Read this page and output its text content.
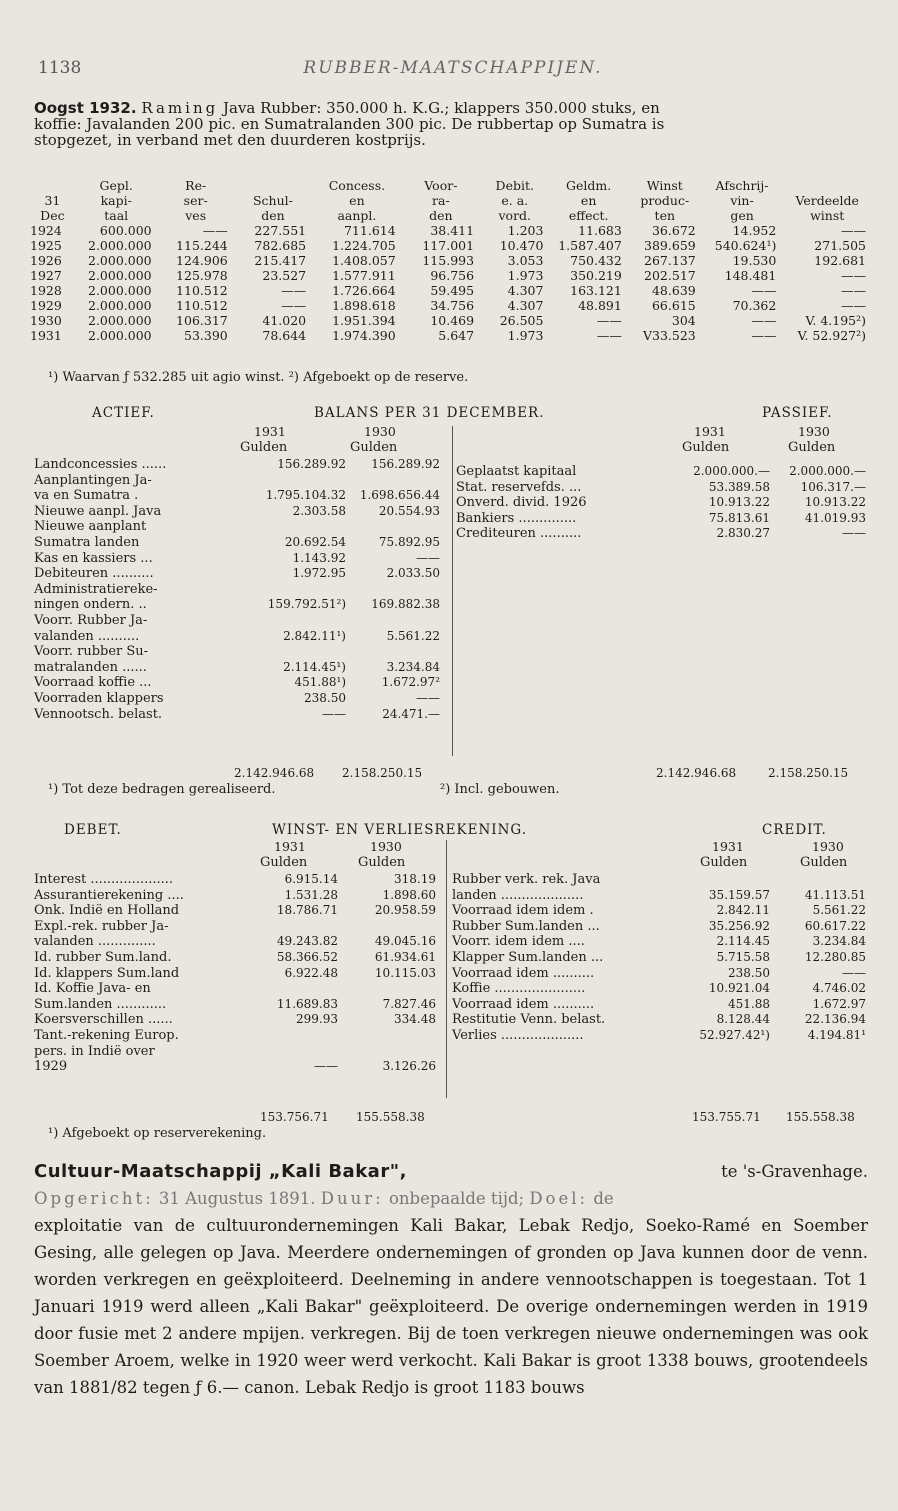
1138	RUBBER-MAATSCHAPPIJEN.

Oogst 1932. Raming Java Rubber: 350.000 h. K.G.; klappers 350.000 stuks, en

koffie: Javalanden 200 pic. en Sumatralanden 300 pic. De rubbertap op Sumatra is

stopgezet, in verband met den duurderen kostprijs.

	Gepl.	Re-		Concess.	Voor-	Debit.	Geldm.	Winst	Afschrij-	
31	kapi-	ser-	Schul-	en	ra-	e. a.	en	produc-	vin-	Verdeelde
Dec	taal	ves	den	aanpl.	den	vord.	effect.	ten	gen	winst
1924	600.000	——	227.551	711.614	38.411	1.203	11.683	36.672	14.952	——
1925	2.000.000	115.244	782.685	1.224.705	117.001	10.470	1.587.407	389.659	540.624¹)	271.505
1926	2.000.000	124.906	215.417	1.408.057	115.993	3.053	750.432	267.137	19.530	192.681
1927	2.000.000	125.978	23.527	1.577.911	96.756	1.973	350.219	202.517	148.481	——
1928	2.000.000	110.512	——	1.726.664	59.495	4.307	163.121	48.639	——	——
1929	2.000.000	110.512	——	1.898.618	34.756	4.307	48.891	66.615	70.362	——
1930	2.000.000	106.317	41.020	1.951.394	10.469	26.505	——	304	——	V. 4.195²)
1931	2.000.000	53.390	78.644	1.974.390	5.647	1.973	——	V33.523	——	V. 52.927²)
¹) Waarvan ƒ 532.285 uit agio winst. ²) Afgeboekt op de reserve.
ACTIEF.	BALANS PER 31 DECEMBER.	PASSIEF.
1931	1930
Gulden	Gulden
1931	1930
Gulden	Gulden
Landconcessies ......	156.289.92 156.289.92
Aanplantingen Ja-
va en Sumatra .	1.795.104.32 1.698.656.44
Nieuwe aanpl. Java	2.303.58	20.554.93
Nieuwe aanplant
Sumatra landen	20.692.54	75.892.95
Kas en kassiers ...	1.143.92	——
Debiteuren ..........	1.972.95	2.033.50
Administratiereke-
ningen ondern. ..	159.792.51²) 169.882.38
Voorr. Rubber Ja-
valanden ..........	2.842.11¹)	5.561.22
Voorr. rubber Su-
matralanden ......	2.114.45¹)	3.234.84
Voorraad koffie ...	451.88¹)	1.672.97²
Voorraden klappers	238.50	——
Vennootsch. belast.	——	24.471.—
Geplaatst kapitaal	2.000.000.— 2.000.000.—
Stat. reservefds. ...	53.389.58	106.317.—
Onverd. divid. 1926	10.913.22	10.913.22
Bankiers ..............	75.813.61	41.019.93
Crediteuren ..........	2.830.27	——
2.142.946.68 2.158.250.15	2.142.946.68	2.158.250.15
¹) Tot deze bedragen gerealiseerd.	²) Incl. gebouwen.
DEBET.	WINST- EN VERLIESREKENING.	CREDIT.
1931	1930
Gulden	Gulden
1931	1930
Gulden	Gulden
Interest ....................	6.915.14	318.19
Assurantierekening ....	1.531.28	1.898.60
Onk. Indië en Holland	18.786.71	20.958.59
Expl.-rek. rubber Ja-
valanden ..............	49.243.82	49.045.16
Id. rubber Sum.land.	58.366.52	61.934.61
Id. klappers Sum.land	6.922.48	10.115.03
Id. Koffie Java- en
Sum.landen ............	11.689.83	7.827.46
Koersverschillen ......	299.93	334.48
Tant.-rekening Europ.
pers. in Indië over
1929	——	3.126.26
Rubber verk. rek. Java
landen ....................	35.159.57	41.113.51
Voorraad idem idem .	2.842.11	5.561.22
Rubber Sum.landen ...	35.256.92	60.617.22
Voorr. idem idem ....	2.114.45	3.234.84
Klapper Sum.landen ...	5.715.58	12.280.85
Voorraad idem ..........	238.50	——
Koffie ......................	10.921.04	4.746.02
Voorraad idem ..........	451.88	1.672.97
Restitutie Venn. belast.	8.128.44	22.136.94
Verlies ....................	52.927.42¹)	4.194.81¹
153.756.71 155.558.38	153.755.71 155.558.38
¹) Afgeboekt op reserverekening.

Cultuur-Maatschappij „Kali Bakar",	te 's-Gravenhage.

Opgericht: 31 Augustus 1891. Duur: onbepaalde tijd; Doel: de

exploitatie van de cultuurondernemingen Kali Bakar, Lebak Redjo, Soeko-Ramé en Soember Gesing, alle gelegen op Java. Meerdere ondernemingen of gronden op Java kunnen door de venn. worden verkregen en geëxploiteerd. Deelneming in andere vennootschappen is toegestaan. Tot 1 Januari 1919 werd alleen „Kali Bakar" geëxploiteerd. De overige ondernemingen werden in 1919 door fusie met 2 andere mpijen. verkregen. Bij de toen verkregen nieuwe ondernemingen was ook Soember Aroem, welke in 1920 weer werd verkocht. Kali Bakar is groot 1338 bouws, grootendeels van 1881/82 tegen ƒ 6.— canon. Lebak Redjo is groot 1183 bouws
